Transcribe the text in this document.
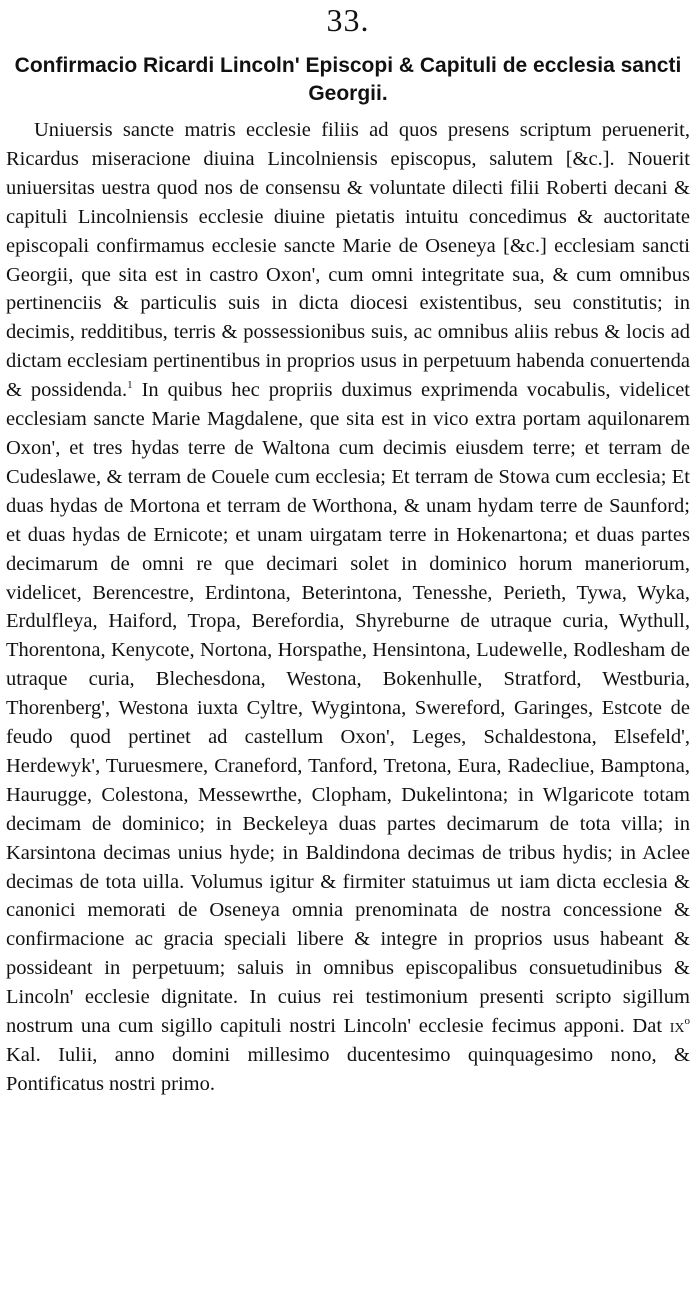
33.
Confirmacio Ricardi Lincoln' Episcopi & Capituli de ecclesia sancti Georgii.

Uniuersis sancte matris ecclesie filiis ad quos presens scriptum peruenerit, Ricardus miseracione diuina Lincolniensis episcopus, salutem [&c.]. Nouerit uniuersitas uestra quod nos de consensu & voluntate dilecti filii Roberti decani & capituli Lincolniensis ecclesie diuine pietatis intuitu concedimus & auctoritate episcopali confirmamus ecclesie sancte Marie de Oseneya [&c.] ecclesiam sancti Georgii, que sita est in castro Oxon', cum omni integritate sua, & cum omnibus pertinenciis & particulis suis in dicta diocesi existentibus, seu constitutis; in decimis, redditibus, terris & possessionibus suis, ac omnibus aliis rebus & locis ad dictam ecclesiam pertinentibus in proprios usus in perpetuum habenda conuertenda & possidenda.$^1$ In quibus hec propriis duximus exprimenda vocabulis, videlicet ecclesiam sancte Marie Magdalene, que sita est in vico extra portam aquilonarem Oxon', et tres hydas terre de Waltona cum decimis eiusdem terre; et terram de Cudeslawe, & terram de Couele cum ecclesia; Et terram de Stowa cum ecclesia; Et duas hydas de Mortona et terram de Worthona, & unam hydam terre de Saunford; et duas hydas de Ernicote; et unam uirgatam terre in Hokenartona; et duas partes decimarum de omni re que decimari solet in dominico horum maneriorum, videlicet, Berencestre, Erdintona, Beterintona, Tenesshe, Perieth, Tywa, Wyka, Erdulfleya, Haiford, Tropa, Berefordia, Shyreburne de utraque curia, Wythull, Thorentona, Kenycote, Nortona, Horspathe, Hensintona, Ludewelle, Rodlesham de utraque curia, Blechesdona, Westona, Bokenhulle, Stratford, Westburia, Thorenberg', Westona iuxta Cyltre, Wygintona, Swereford, Garinges, Estcote de feudo quod pertinet ad castellum Oxon', Leges, Schaldestona, Elsefeld', Herdewyk', Turuesmere, Craneford, Tanford, Tretona, Eura, Radecliue, Bamptona, Haurugge, Colestona, Messewrthe, Clopham, Dukelintona; in Wlgaricote totam decimam de dominico; in Beckeleya duas partes decimarum de tota villa; in Karsintona decimas unius hyde; in Baldindona decimas de tribus hydis; in Aclee decimas de tota uilla. Volumus igitur & firmiter statuimus ut iam dicta ecclesia & canonici memorati de Oseneya omnia prenominata de nostra concessione & confirmacione ac gracia speciali libere & integre in proprios usus habeant & possideant in perpetuum; saluis in omnibus episcopalibus consuetudinibus & Lincoln' ecclesie dignitate. In cuius rei testimonium presenti scripto sigillum nostrum una cum sigillo capituli nostri Lincoln' ecclesie fecimus apponi. Dat $ix^o$ Kal. Iulii, anno domini millesimo ducentesimo quinquagesimo nono, & Pontificatus nostri primo.
